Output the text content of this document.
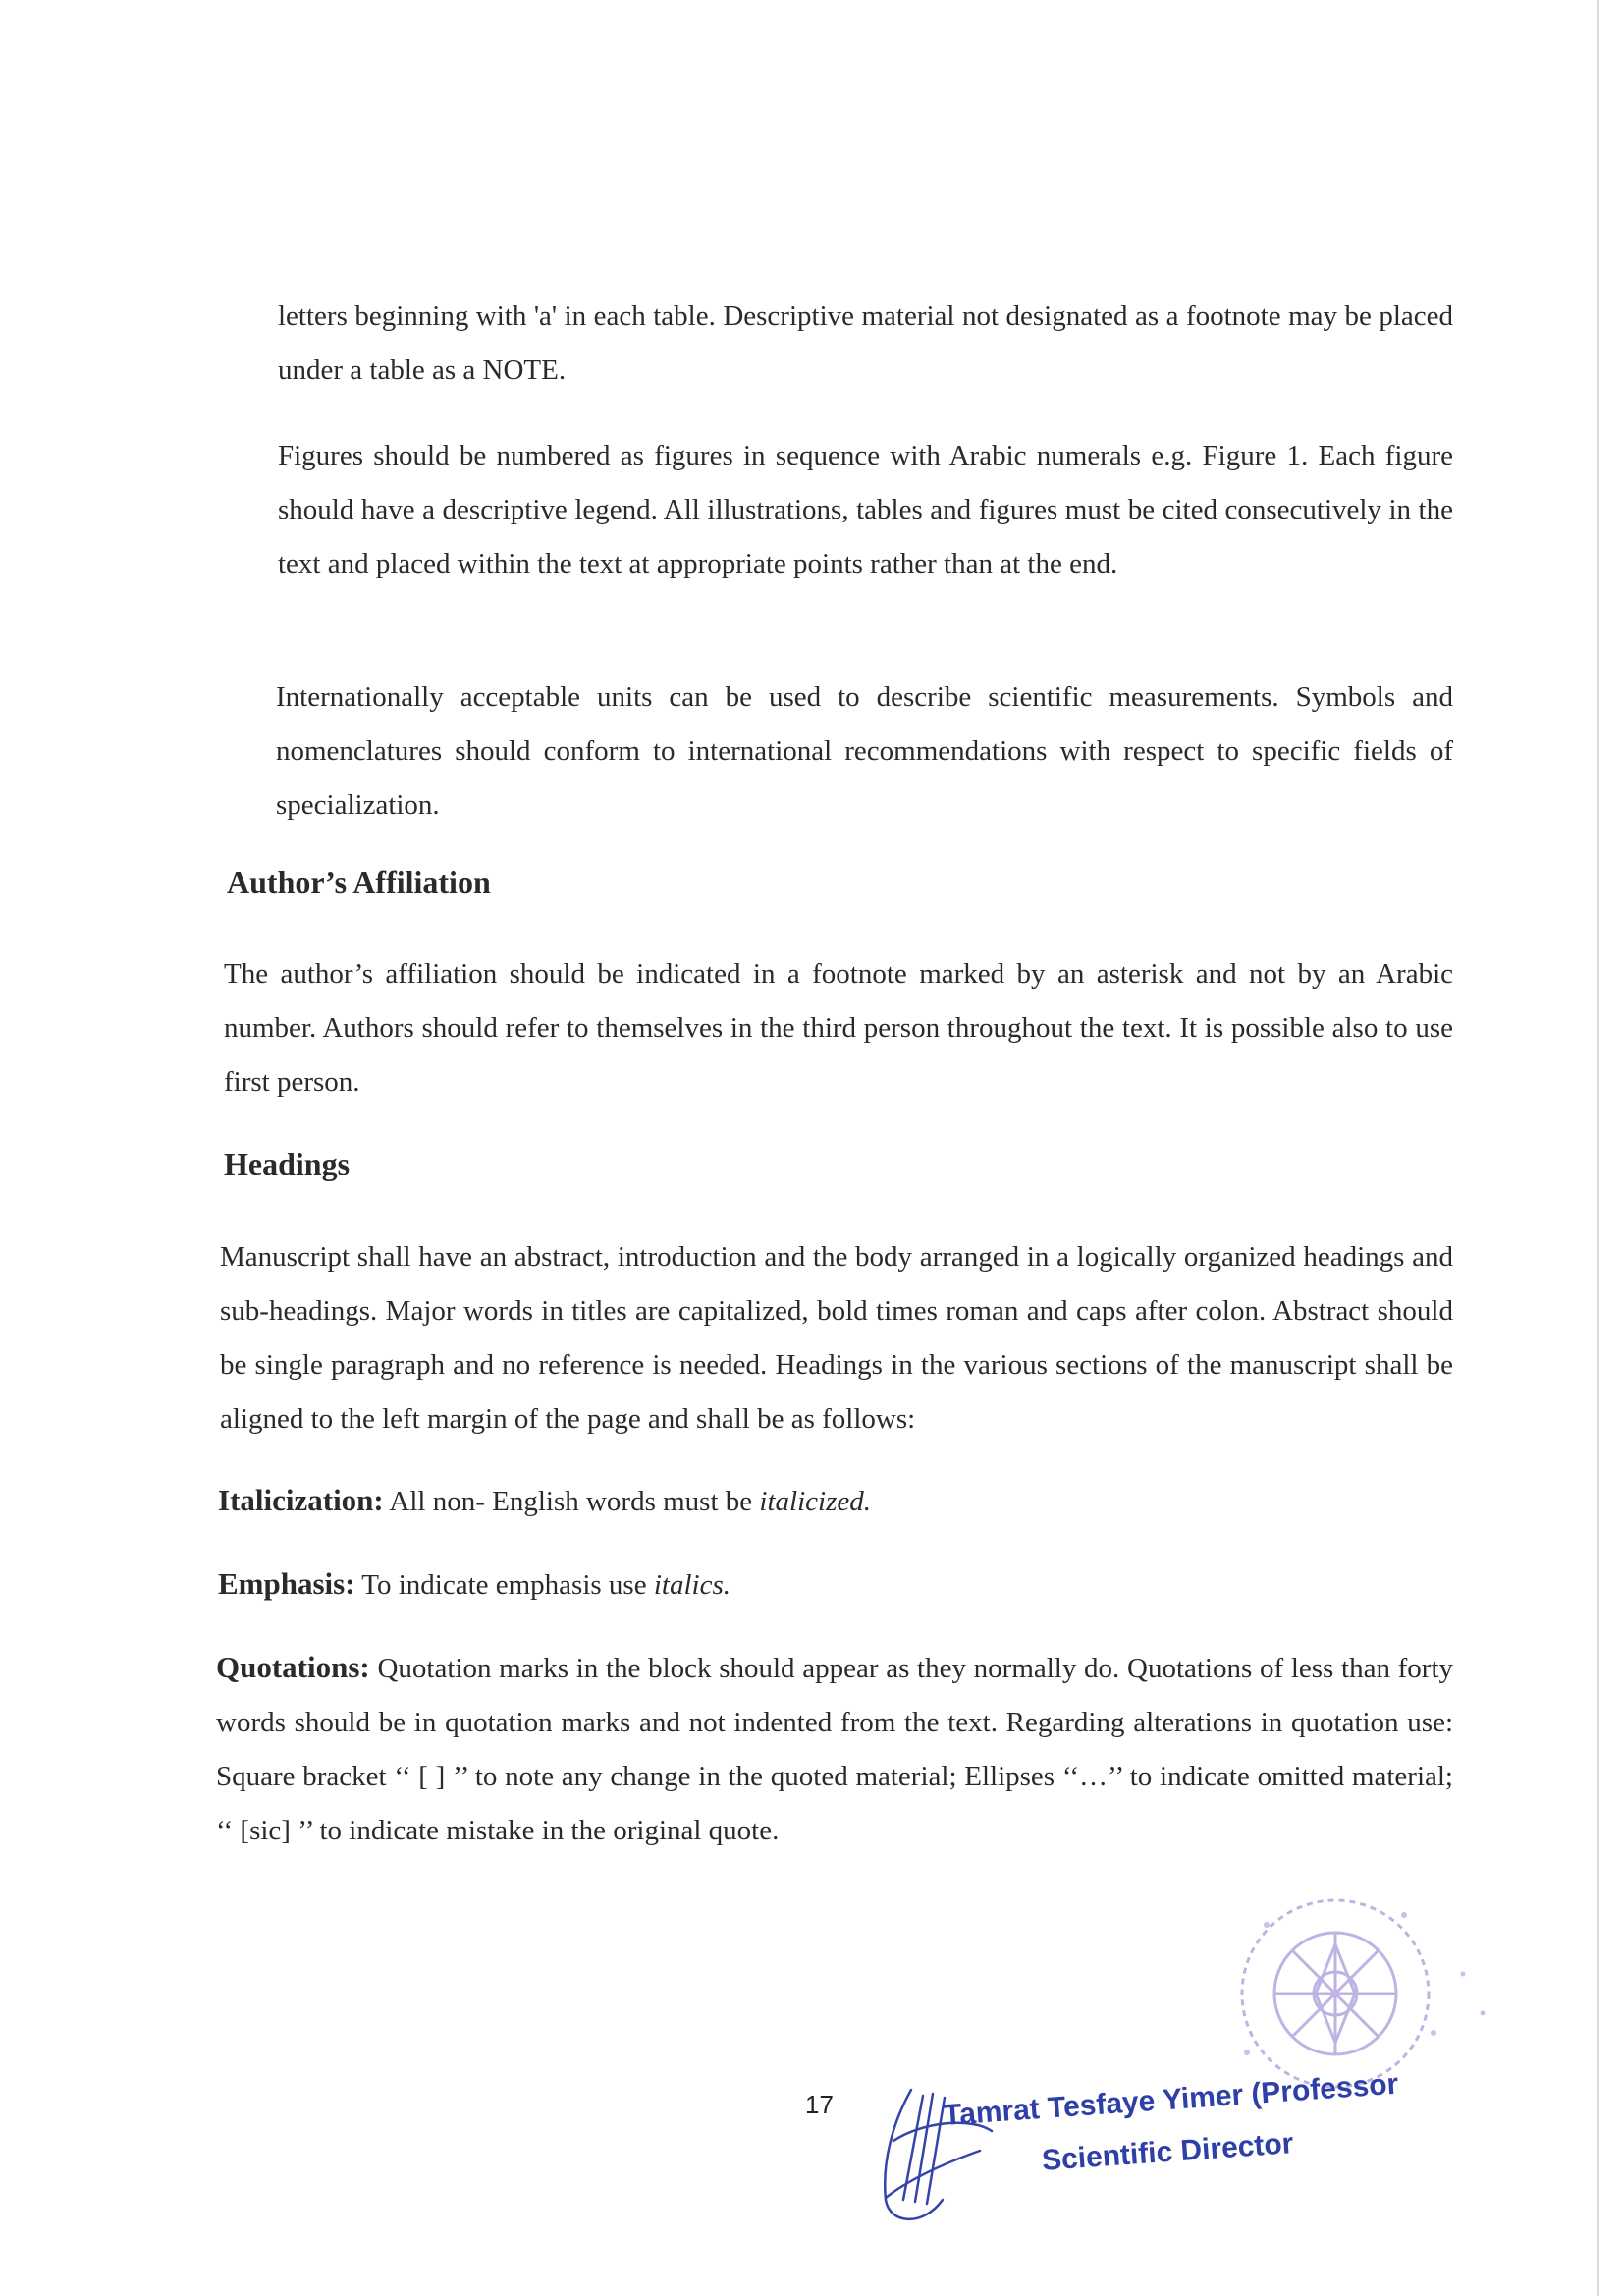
letters beginning with 'a' in each table. Descriptive material not designated as a footnote may be placed under a table as a NOTE.

Figures should be numbered as figures in sequence with Arabic numerals e.g. Figure 1. Each figure should have a descriptive legend. All illustrations, tables and figures must be cited consecutively in the text and placed within the text at appropriate points rather than at the end.

Internationally acceptable units can be used to describe scientific measurements. Symbols and nomenclatures should conform to international recommendations with respect to specific fields of specialization.

Author’s Affiliation

The author’s affiliation should be indicated in a footnote marked by an asterisk and not by an Arabic number. Authors should refer to themselves in the third person throughout the text. It is possible also to use first person.

Headings

Manuscript shall have an abstract, introduction and the body arranged in a logically organized headings and sub-headings. Major words in titles are capitalized, bold times roman and caps after colon. Abstract should be single paragraph and no reference is needed. Headings in the various sections of the manuscript shall be aligned to the left margin of the page and shall be as follows:

Italicization: All non- English words must be italicized.

Emphasis: To indicate emphasis use italics.

Quotations: Quotation marks in the block should appear as they normally do. Quotations of less than forty words should be in quotation marks and not indented from the text. Regarding alterations in quotation use: Square bracket ‘‘ [ ] ’’ to note any change in the quoted material; Ellipses ‘‘…’’ to indicate omitted material; ‘‘ [sic] ’’ to indicate mistake in the original quote.

17	Tamrat Tesfaye Yimer (Professor
Scientific Director
